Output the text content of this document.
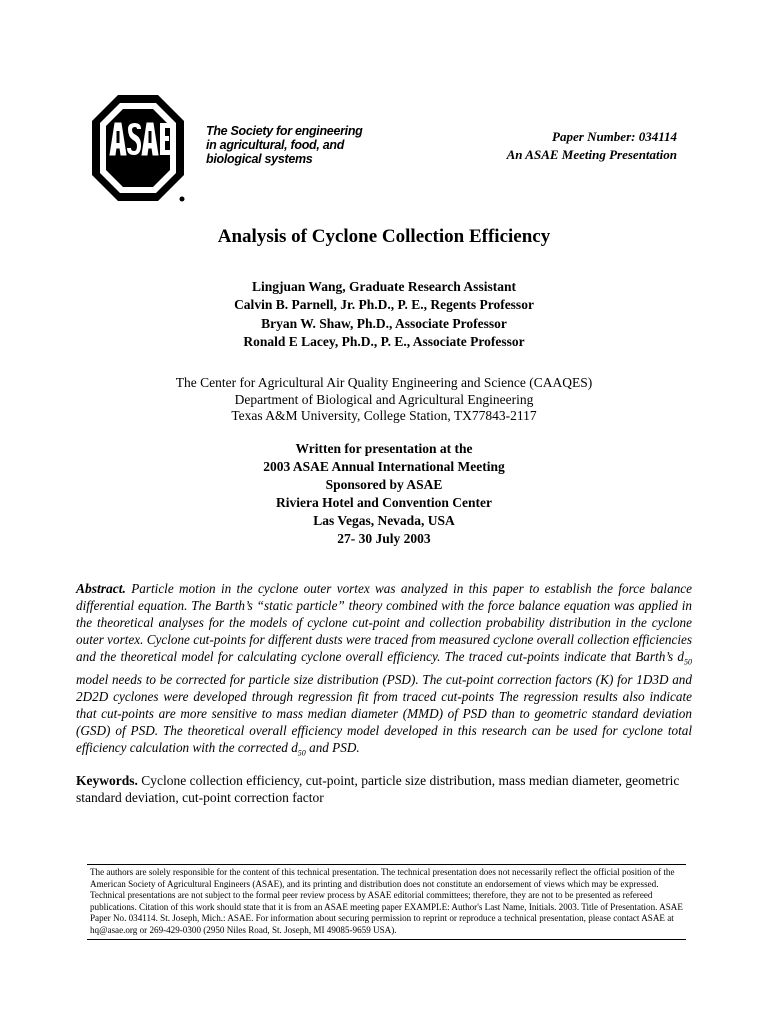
The Society for engineering
in agricultural, food, and
biological systems
Paper Number: 034114
An ASAE Meeting Presentation
Analysis of Cyclone Collection Efficiency
Lingjuan Wang, Graduate Research Assistant
Calvin B. Parnell, Jr. Ph.D., P. E., Regents Professor
Bryan W. Shaw, Ph.D., Associate Professor
Ronald E Lacey, Ph.D., P. E., Associate Professor
The Center for Agricultural Air Quality Engineering and Science (CAAQES)
Department of Biological and Agricultural Engineering
Texas A&M University, College Station, TX77843-2117
Written for presentation at the
2003 ASAE Annual International Meeting
Sponsored by ASAE
Riviera Hotel and Convention Center
Las Vegas, Nevada, USA
27- 30 July 2003
Abstract. Particle motion in the cyclone outer vortex was analyzed in this paper to establish the force balance differential equation. The Barth’s “static particle” theory combined with the force balance equation was applied in the theoretical analyses for the models of cyclone cut-point and collection probability distribution in the cyclone outer vortex. Cyclone cut-points for different dusts were traced from measured cyclone overall collection efficiencies and the theoretical model for calculating cyclone overall efficiency. The traced cut-points indicate that Barth’s $d_{50}$ model needs to be corrected for particle size distribution (PSD). The cut-point correction factors (K) for 1D3D and 2D2D cyclones were developed through regression fit from traced cut-points The regression results also indicate that cut-points are more sensitive to mass median diameter (MMD) of PSD than to geometric standard deviation (GSD) of PSD. The theoretical overall efficiency model developed in this research can be used for cyclone total efficiency calculation with the corrected $d_{50}$ and PSD.
Keywords. Cyclone collection efficiency, cut-point, particle size distribution, mass median diameter, geometric standard deviation, cut-point correction factor
The authors are solely responsible for the content of this technical presentation. The technical presentation does not necessarily reflect the official position of the American Society of Agricultural Engineers (ASAE), and its printing and distribution does not constitute an endorsement of views which may be expressed. Technical presentations are not subject to the formal peer review process by ASAE editorial committees; therefore, they are not to be presented as refereed publications. Citation of this work should state that it is from an ASAE meeting paper EXAMPLE: Author's Last Name, Initials. 2003. Title of Presentation. ASAE Paper No. 034114. St. Joseph, Mich.: ASAE. For information about securing permission to reprint or reproduce a technical presentation, please contact ASAE at hq@asae.org or 269-429-0300 (2950 Niles Road, St. Joseph, MI 49085-9659 USA).
